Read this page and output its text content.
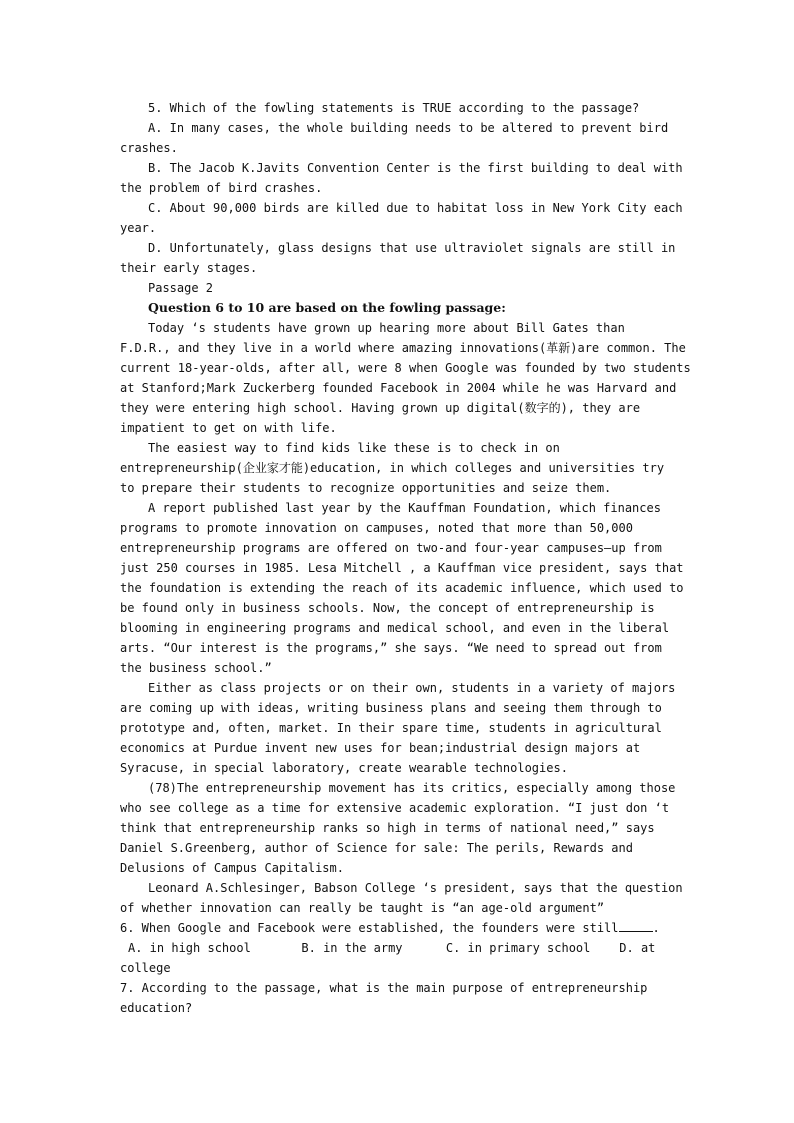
5. Which of the fowling statements is TRUE according to the passage?
A. In many cases, the whole building needs to be altered to prevent bird
crashes.
B. The Jacob K.Javits Convention Center is the first building to deal with
the problem of bird crashes.
C. About 90,000 birds are killed due to habitat loss in New York City each
year.
D. Unfortunately, glass designs that use ultraviolet signals are still in
their early stages.
Passage 2
Question 6 to 10 are based on the fowling passage:
Today ‘s students have grown up hearing more about Bill Gates than
F.D.R., and they live in a world where amazing innovations(革新)are common. The
current 18-year-olds, after all, were 8 when Google was founded by two students
at Stanford;Mark Zuckerberg founded Facebook in 2004 while he was Harvard and
they were entering high school. Having grown up digital(数字的), they are
impatient to get on with life.
The easiest way to find kids like these is to check in on
entrepreneurship(企业家才能)education, in which colleges and universities try
to prepare their students to recognize opportunities and seize them.
A report published last year by the Kauffman Foundation, which finances
programs to promote innovation on campuses, noted that more than 50,000
entrepreneurship programs are offered on two-and four-year campuses—up from
just 250 courses in 1985. Lesa Mitchell , a Kauffman vice president, says that
the foundation is extending the reach of its academic influence, which used to
be found only in business schools. Now, the concept of entrepreneurship is
blooming in engineering programs and medical school, and even in the liberal
arts. “Our interest is the programs,” she says. “We need to spread out from
the business school.”
Either as class projects or on their own, students in a variety of majors
are coming up with ideas, writing business plans and seeing them through to
prototype and, often, market. In their spare time, students in agricultural
economics at Purdue invent new uses for bean;industrial design majors at
Syracuse, in special laboratory, create wearable technologies.
(78)The entrepreneurship movement has its critics, especially among those
who see college as a time for extensive academic exploration. “I just don ‘t
think that entrepreneurship ranks so high in terms of national need,” says
Daniel S.Greenberg, author of Science for sale: The perils, Rewards and
Delusions of Campus Capitalism.
Leonard A.Schlesinger, Babson College ‘s president, says that the question
of whether innovation can really be taught is “an age-old argument”
6. When Google and Facebook were established, the founders were still	.
A. in high school       B. in the army      C. in primary school    D. at
college
7. According to the passage, what is the main purpose of entrepreneurship
education?
